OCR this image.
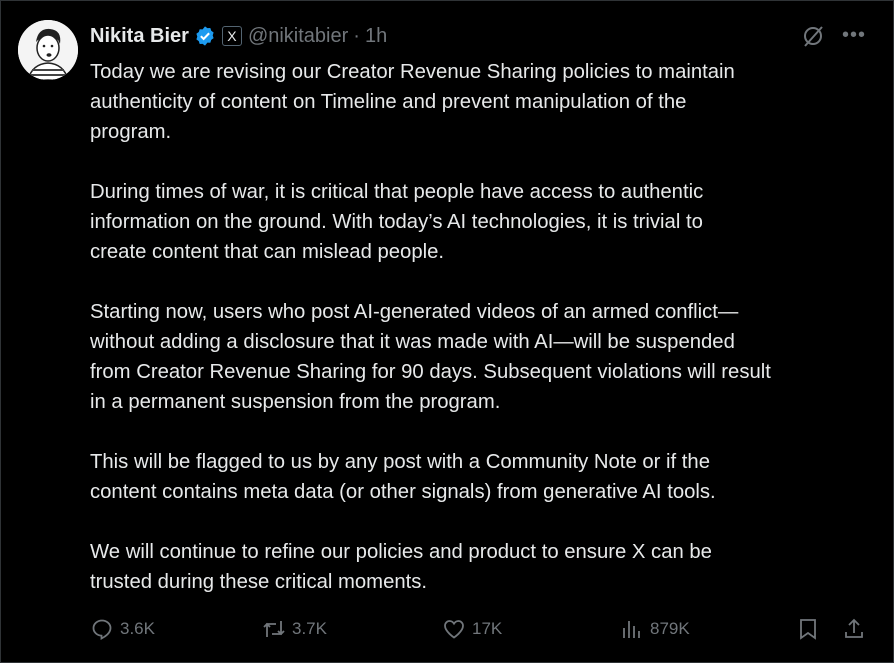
Nikita Bier	X @nikitabier · 1h	•••
Today we are revising our Creator Revenue Sharing policies to maintain
authenticity of content on Timeline and prevent manipulation of the
program.
During times of war, it is critical that people have access to authentic
information on the ground. With today’s AI technologies, it is trivial to
create content that can mislead people.
Starting now, users who post AI-generated videos of an armed conflict—
without adding a disclosure that it was made with AI—will be suspended
from Creator Revenue Sharing for 90 days. Subsequent violations will result
in a permanent suspension from the program.
This will be flagged to us by any post with a Community Note or if the
content contains meta data (or other signals) from generative AI tools.
We will continue to refine our policies and product to ensure X can be
trusted during these critical moments.
3.6K	3.7K	17K	879K
